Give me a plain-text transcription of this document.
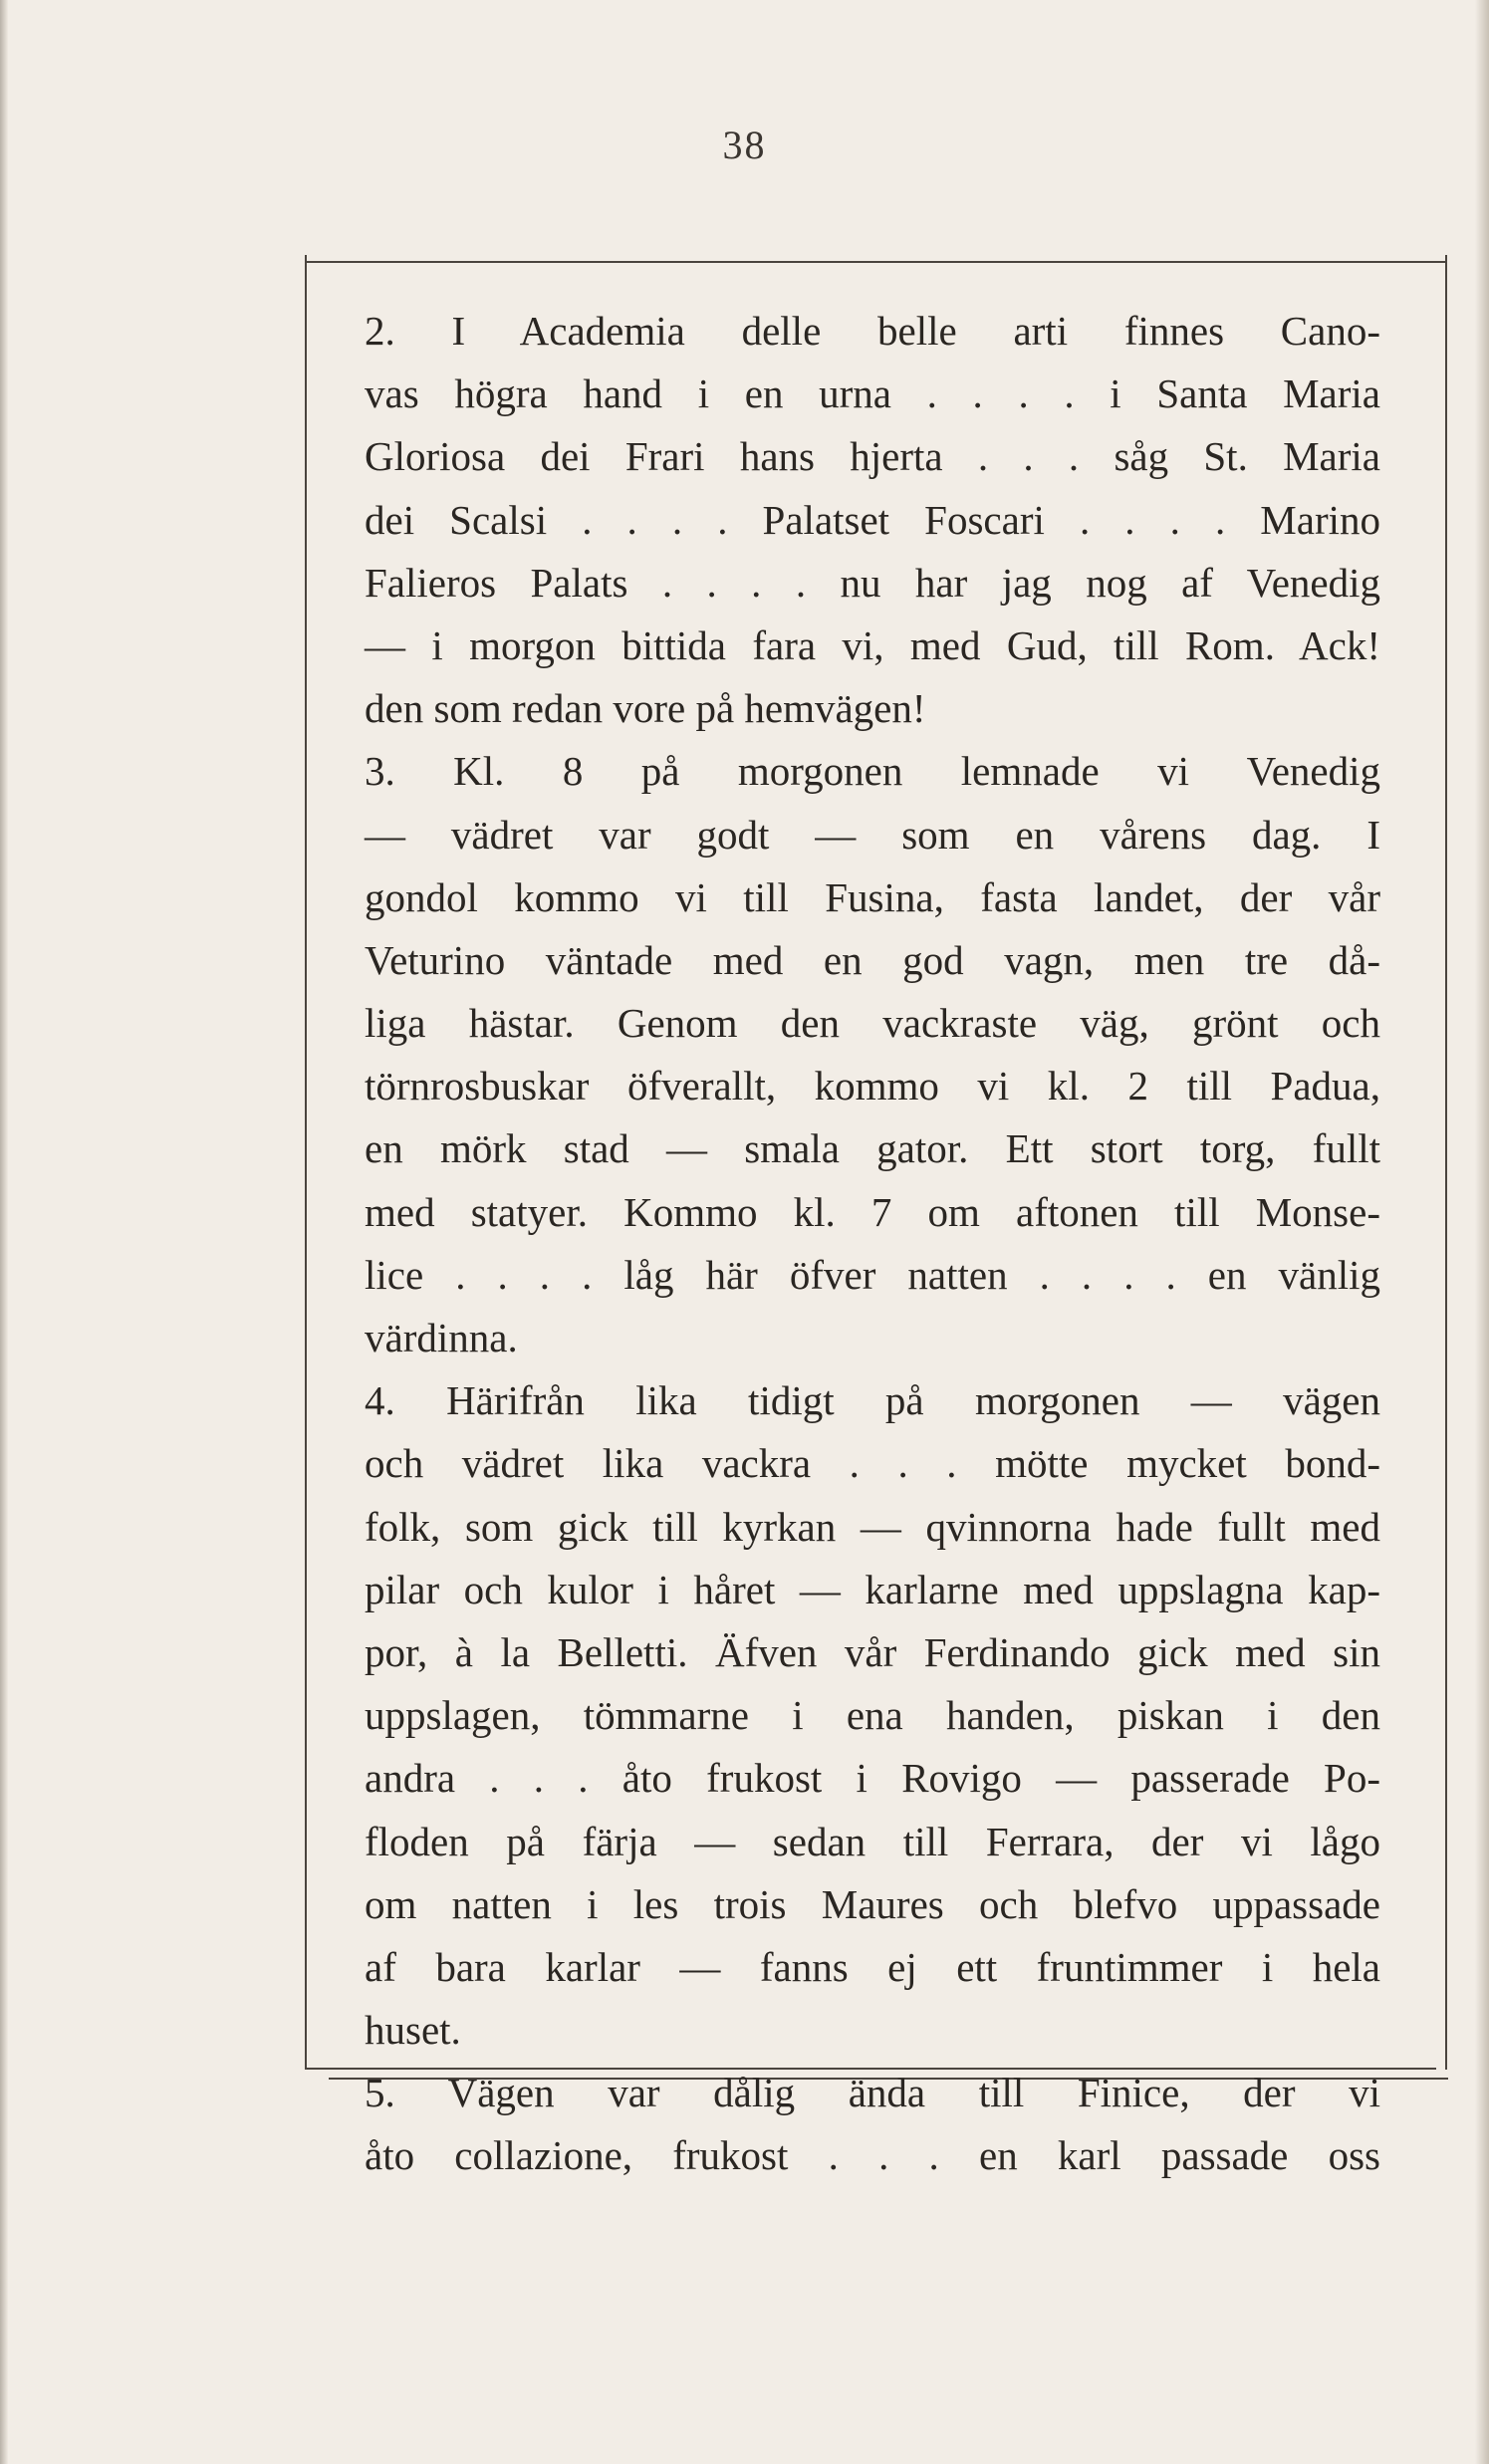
38
2. I Academia delle belle arti finnes Cano-
vas högra hand i en urna . . . . i Santa Maria
Gloriosa dei Frari hans hjerta . . . såg St. Maria
dei Scalsi . . . . Palatset Foscari . . . . Marino
Falieros Palats . . . . nu har jag nog af Venedig
— i morgon bittida fara vi, med Gud, till Rom. Ack!
den som redan vore på hemvägen!
3. Kl. 8 på morgonen lemnade vi Venedig
— vädret var godt — som en vårens dag. I
gondol kommo vi till Fusina, fasta landet, der vår
Veturino väntade med en god vagn, men tre då-
liga hästar. Genom den vackraste väg, grönt och
törnrosbuskar öfverallt, kommo vi kl. 2 till Padua,
en mörk stad — smala gator. Ett stort torg, fullt
med statyer. Kommo kl. 7 om aftonen till Monse-
lice . . . . låg här öfver natten . . . . en vänlig
värdinna.
4. Härifrån lika tidigt på morgonen — vägen
och vädret lika vackra . . . mötte mycket bond-
folk, som gick till kyrkan — qvinnorna hade fullt med
pilar och kulor i håret — karlarne med uppslagna kap-
por, à la Belletti. Äfven vår Ferdinando gick med sin
uppslagen, tömmarne i ena handen, piskan i den
andra . . . åto frukost i Rovigo — passerade Po-
floden på färja — sedan till Ferrara, der vi lågo
om natten i les trois Maures och blefvo uppassade
af bara karlar — fanns ej ett fruntimmer i hela
huset.
5. Vägen var dålig ända till Finice, der vi
åto collazione, frukost . . . en karl passade oss
